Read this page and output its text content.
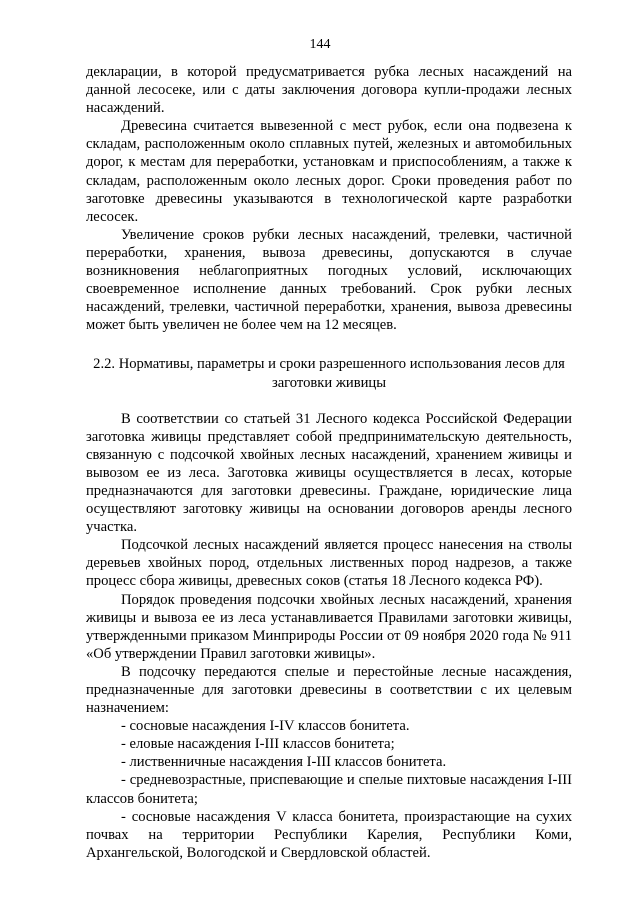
144

декларации, в которой предусматривается рубка лесных насаждений на данной лесосеке, или с даты заключения договора купли-продажи лесных насаждений.

Древесина считается вывезенной с мест рубок, если она подвезена к складам, расположенным около сплавных путей, железных и автомобильных дорог, к местам для переработки, установкам и приспособлениям, а также к складам, расположенным около лесных дорог. Сроки проведения работ по заготовке древесины указываются в технологической карте разработки лесосек.

Увеличение сроков рубки лесных насаждений, трелевки, частичной переработки, хранения, вывоза древесины, допускаются в случае возникновения неблагоприятных погодных условий, исключающих своевременное исполнение данных требований. Срок рубки лесных насаждений, трелевки, частичной переработки, хранения, вывоза древесины может быть увеличен не более чем на 12 месяцев.

2.2. Нормативы, параметры и сроки разрешенного использования лесов для заготовки живицы

В соответствии со статьей 31 Лесного кодекса Российской Федерации заготовка живицы представляет собой предпринимательскую деятельность, связанную с подсочкой хвойных лесных насаждений, хранением живицы и вывозом ее из леса. Заготовка живицы осуществляется в лесах, которые предназначаются для заготовки древесины. Граждане, юридические лица осуществляют заготовку живицы на основании договоров аренды лесного участка.

Подсочкой лесных насаждений является процесс нанесения на стволы деревьев хвойных пород, отдельных лиственных пород надрезов, а также процесс сбора живицы, древесных соков (статья 18 Лесного кодекса РФ).

Порядок проведения подсочки хвойных лесных насаждений, хранения живицы и вывоза ее из леса устанавливается Правилами заготовки живицы, утвержденными приказом Минприроды России от 09 ноября 2020 года № 911 «Об утверждении Правил заготовки живицы».

В подсочку передаются спелые и перестойные лесные насаждения, предназначенные для заготовки древесины в соответствии с их целевым назначением:

- сосновые насаждения I-IV классов бонитета.

- еловые насаждения I-III классов бонитета;

- лиственничные насаждения I-III классов бонитета.

- средневозрастные, приспевающие и спелые пихтовые насаждения I-III классов бонитета;

- сосновые насаждения V класса бонитета, произрастающие на сухих почвах на территории Республики Карелия, Республики Коми, Архангельской, Вологодской и Свердловской областей.
